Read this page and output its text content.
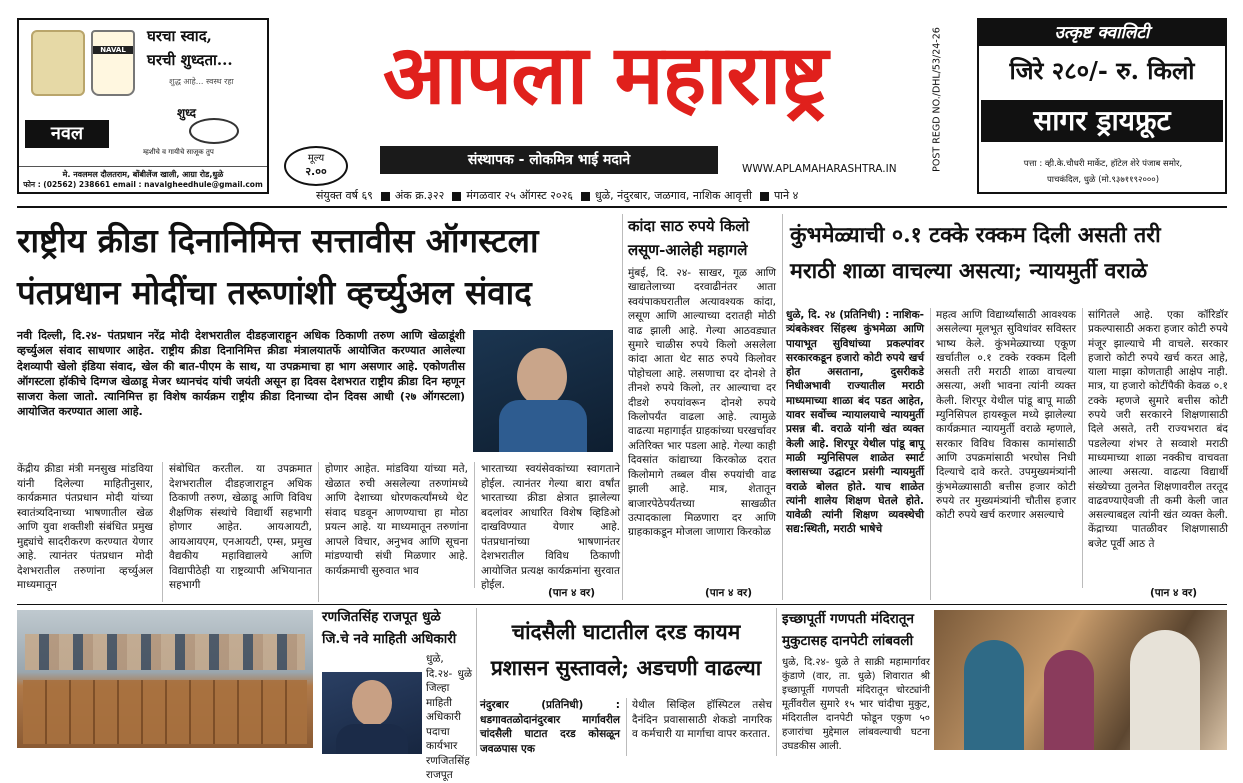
NAVAL
घरचा स्वाद,
घरची शुध्दता...
शुद्ध आहे... स्वस्थ रहा
नवल
शुध्द
म्हशीचे व गायीचे साजूक तुप
मे. नवलमल दौलतराम, बोंबीलेंज खाली, आग्रा रोड,धुळे
फोन : (02562) 238661 email : navalgheedhule@gmail.com
आपला महाराष्ट्र
मूल्य
२.००
संस्थापक - लोकमित्र भाई मदाने
WWW.APLAMAHARASHTRA.IN	POST REGD NO./DHL/53/24-26
संयुक्त वर्ष ६९ अंक क्र.३२२ मंगळवार २५ ऑगस्ट २०२६ धुळे, नंदुरबार, जळगाव, नाशिक आवृत्ती पाने ४
उत्कृष्ट क्वालिटी
जिरे २८०/- रु. किलो
सागर ड्रायफ्रूट
पत्ता : व्ही.के.चौधरी मार्केट, हॉटेल शेरे पंजाब समोर,
पाचकंदिल, धुळे (मो.९३७११९२०००)
राष्ट्रीय क्रीडा दिनानिमित्त सत्तावीस ऑगस्टला
पंतप्रधान मोदींचा तरूणांशी व्हर्च्युअल संवाद
नवी दिल्ली, दि.२४- पंतप्रधान नरेंद्र मोदी देशभरातील दीडहजाराहून अधिक ठिकाणी तरुण आणि खेळाडूंशी व्हर्च्युअल संवाद साधणार आहेत. राष्ट्रीय क्रीडा दिनानिमित्त क्रीडा मंत्रालयातर्फे आयोजित करण्यात आलेल्या देशव्यापी खेलो इंडिया संवाद, खेल की बात-पीएम के साथ, या उपक्रमाचा हा भाग असणार आहे. एकोणतीस ऑगस्टला हॉकीचे दिग्गज खेळाडू मेजर ध्यानचंद यांची जयंती असून हा दिवस देशभरात राष्ट्रीय क्रीडा दिन म्हणून साजरा केला जातो. त्यानिमित्त हा विशेष कार्यक्रम राष्ट्रीय क्रीडा दिनाच्या दोन दिवस आधी (२७ ऑगस्टला) आयोजित करण्यात आला आहे.
केंद्रीय क्रीडा मंत्री मनसुख मांडविया यांनी दिलेल्या माहितीनुसार, कार्यक्रमात पंतप्रधान मोदी यांच्या स्वातंत्र्यदिनाच्या भाषणातील खेळ आणि युवा शक्तीशी संबंधित प्रमुख मुद्द्यांचे सादरीकरण करण्यात येणार आहे. त्यानंतर पंतप्रधान मोदी देशभरातील तरुणांना व्हर्च्युअल माध्यमातून
संबोधित करतील. या उपक्रमात देशभरातील दीडहजाराहून अधिक ठिकाणी तरुण, खेळाडू आणि विविध शैक्षणिक संस्थांचे विद्यार्थी सहभागी होणार आहेत. आयआयटी, आयआयएम, एनआयटी, एम्स, प्रमुख वैद्यकीय महाविद्यालये आणि विद्यापीठेही या राष्ट्रव्यापी अभियानात सहभागी
होणार आहेत. मांडविया यांच्या मते, खेळात रुची असलेल्या तरुणांमध्ये आणि देशाच्या धोरणकर्त्यांमध्ये थेट संवाद घडवून आणण्याचा हा मोठा प्रयत्न आहे. या माध्यमातून तरुणांना आपले विचार, अनुभव आणि सूचना मांडण्याची संधी मिळणार आहे. कार्यक्रमाची सुरुवात भाव
भारताच्या स्वयंसेवकांच्या स्वागताने होईल. त्यानंतर गेल्या बारा वर्षांत भारताच्या क्रीडा क्षेत्रात झालेल्या बदलांवर आधारित विशेष व्हिडिओ दाखविण्यात येणार आहे. पंतप्रधानांच्या भाषणानंतर देशभरातील विविध ठिकाणी आयोजित प्रत्यक्ष कार्यक्रमांना सुरवात होईल.
(पान ४ वर)
कांदा साठ रुपये किलो
लसूण-आलेही महागले
मुंबई, दि. २४- साखर, गूळ आणि खाद्यतेलाच्या दरवाढीनंतर आता स्वयंपाकघरातील अत्यावश्यक कांदा, लसूण आणि आल्याच्या दरातही मोठी वाढ झाली आहे. गेल्या आठवड्यात सुमारे चाळीस रुपये किलो असलेला कांदा आता थेट साठ रुपये किलोवर पोहोचला आहे. लसणाचा दर दोनशे ते तीनशे रुपये किलो, तर आल्याचा दर दीडशे रुपयांवरून दोनशे रुपये किलोपर्यंत वाढला आहे. त्यामुळे वाढत्या महागाईत ग्राहकांच्या घरखर्चावर अतिरिक्त भार पडला आहे. गेल्या काही दिवसांत कांद्याच्या किरकोळ दरात किलोमागे तब्बल वीस रुपयांची वाढ झाली आहे. मात्र, शेतातून बाजारपेठेपर्यंतच्या साखळीत उत्पादकाला मिळणारा दर आणि ग्राहकाकडून मोजला जाणारा किरकोळ
(पान ४ वर)
कुंभमेळ्याची ०.१ टक्के रक्कम दिली असती तरी
मराठी शाळा वाचल्या असत्या; न्यायमुर्ती वराळे
धुळे, दि. २४ (प्रतिनिधी) : नाशिक-त्र्यंबकेश्वर सिंहस्थ कुंभमेळा आणि पायाभूत सुविधांच्या प्रकल्पांवर सरकारकडून हजारो कोटी रुपये खर्च होत असताना, दुसरीकडे निधीअभावी राज्यातील मराठी माध्यमाच्या शाळा बंद पडत आहेत, यावर सर्वोच्च न्यायालयाचे न्यायमुर्ती प्रसन्न बी. वराळे यांनी खंत व्यक्त केली आहे. शिरपूर येथील पांडू बापू माळी म्युनिसिपल शाळेत स्मार्ट क्लासच्या उद्घाटन प्रसंगी न्यायमुर्ती वराळे बोलत होते. याच शाळेत त्यांनी शालेय शिक्षण घेतले होते. यावेळी त्यांनी शिक्षण व्यवस्थेची सद्य:स्थिती, मराठी भाषेचे
महत्व आणि विद्यार्थ्यांसाठी आवश्यक असलेल्या मूलभूत सुविधांवर सविस्तर भाष्य केले. कुंभमेळ्याच्या एकूण खर्चातील ०.१ टक्के रक्कम दिली असती तरी मराठी शाळा वाचल्या असत्या, अशी भावना त्यांनी व्यक्त केली. शिरपूर येथील पांडू बापू माळी म्युनिसिपल हायस्कूल मध्ये झालेल्या कार्यक्रमात न्यायमुर्ती वराळे म्हणाले, सरकार विविध विकास कामांसाठी आणि उपक्रमांसाठी भरघोस निधी दिल्याचे दावे करते. उपमुख्यमंत्र्यांनी कुंभमेळ्यासाठी बत्तीस हजार कोटी रुपये तर मुख्यमंत्र्यांनी चौतीस हजार कोटी रुपये खर्च करणार असल्याचे
सांगितले आहे. एका कॉरिडॉर प्रकल्पासाठी अकरा हजार कोटी रुपये मंजूर झाल्याचे मी वाचले. सरकार हजारो कोटी रुपये खर्च करत आहे, याला माझा कोणताही आक्षेप नाही. मात्र, या हजारो कोटींपैकी केवळ ०.१ टक्के म्हणजे सुमारे बत्तीस कोटी रुपये जरी सरकारने शिक्षणासाठी दिले असते, तरी राज्यभरात बंद पडलेल्या शंभर ते सव्वाशे मराठी माध्यमाच्या शाळा नक्कीच वाचवता आल्या असत्या. वाढत्या विद्यार्थी संख्येच्या तुलनेत शिक्षणावरील तरतूद वाढवण्याऐवजी ती कमी केली जात असल्याबद्दल त्यांनी खंत व्यक्त केली. केंद्राच्या पातळीवर शिक्षणासाठी बजेट पूर्वी आठ ते
(पान ४ वर)
रणजितसिंह राजपूत धुळे
जि.चे नवे माहिती अधिकारी
धुळे, दि.२४- धुळे जिल्हा माहिती अधिकारी पदाचा कार्यभार रणजितसिंह राजपूत
चांदसैली घाटातील दरड कायम
प्रशासन सुस्तावले; अडचणी वाढल्या
नंदुरबार (प्रतिनिधी) : धडगावतळोदानंदुरबार मार्गावरील चांदसैली घाटात दरड कोसळून जवळपास एक
येथील सिव्हिल हॉस्पिटल तसेच दैनंदिन प्रवासासाठी शेकडो नागरिक व कर्मचारी या मार्गाचा वापर करतात.
इच्छापूर्ती गणपती मंदिरातून
मुकुटासह दानपेटी लांबवली
धुळे, दि.२४- धुळे ते साक्री महामार्गावर कुंडाणे (वार, ता. धुळे) शिवारात श्री इच्छापूर्ती गणपती मंदिरातून चोरट्यांनी मूर्तीवरील सुमारे १५ भार चांदीचा मुकुट, मंदिरातील दानपेटी फोडून एकुण ५० हजारांचा मुद्देमाल लांबवल्याची घटना उघडकीस आली.
